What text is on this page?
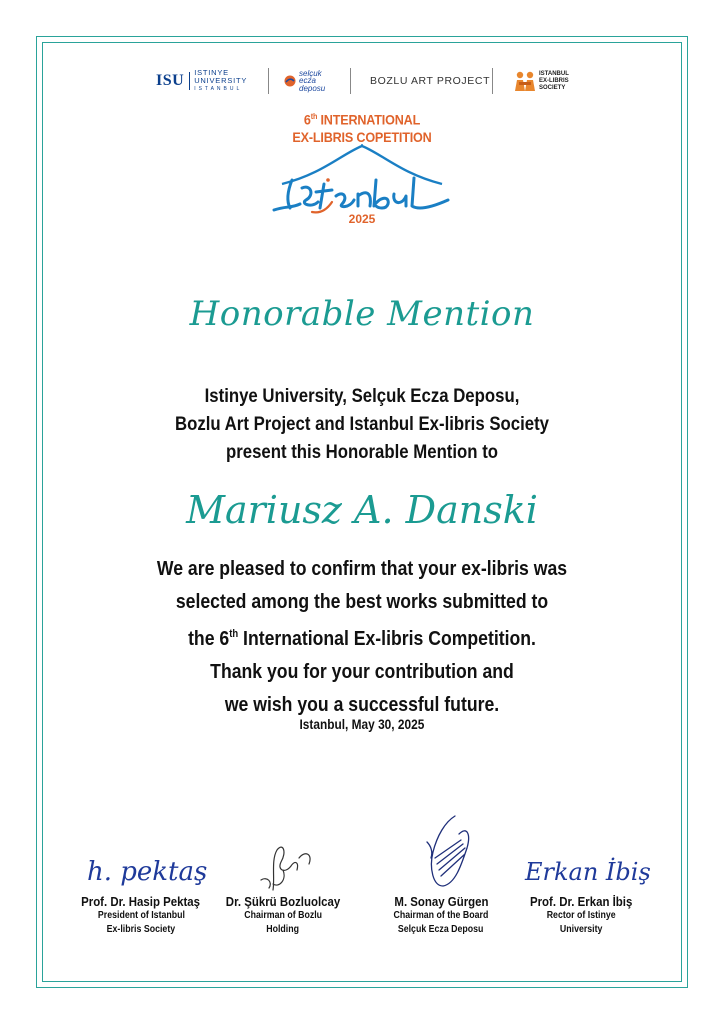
ISU	ISTINYE
UNIVERSITY
ISTANBUL
selçuk
ecza
deposu
BOZLU ART PROJECT
ISTANBUL
EX-LIBRIS
SOCIETY
6th INTERNATIONAL
EX-LIBRIS COPETITION
2025
Honorable Mention
Istinye University, Selçuk Ecza Deposu,
Bozlu Art Project and Istanbul Ex-libris Society
present this Honorable Mention to
Mariusz A. Danski
We are pleased to confirm that your ex-libris was
selected among the best works submitted to
the 6th International Ex-libris Competition.
Thank you for your contribution and
we wish you a successful future.
Istanbul, May 30, 2025
h. pektaş
Prof. Dr. Hasip Pektaş
President of Istanbul
Ex-libris Society
Dr. Şükrü Bozluolcay
Chairman of Bozlu
Holding
M. Sonay Gürgen
Chairman of the Board
Selçuk Ecza Deposu
Erkan İbiş
Prof. Dr. Erkan İbiş
Rector of Istinye
University
